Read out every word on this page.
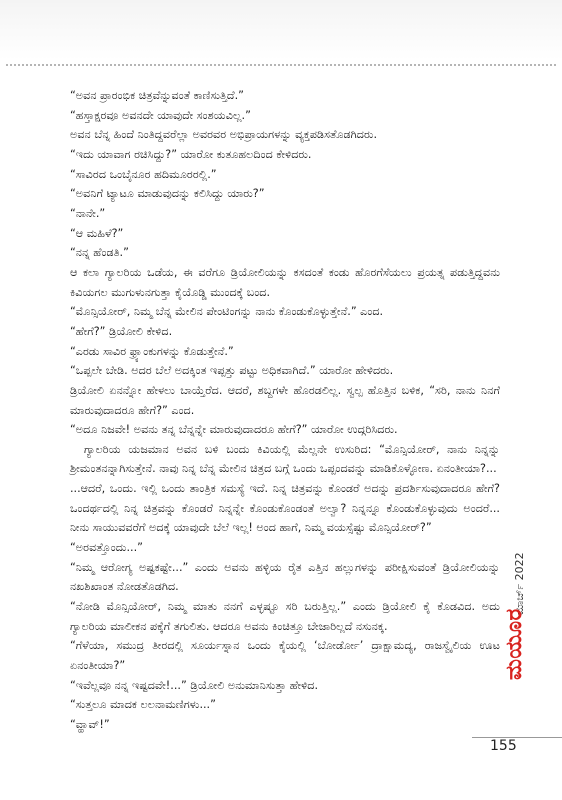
“ಅವನ ಪ್ರಾರಂಭಿಕ ಚಿತ್ರವೆನ್ನುವಂತೆ ಕಾಣಿಸುತ್ತಿದೆ.”

“ಹಸ್ತಾಕ್ಷರವೂ ಅವನದೇ ಯಾವುದೇ ಸಂಶಯವಿಲ್ಲ.”

ಅವನ ಬೆನ್ನ ಹಿಂದೆ ನಿಂತಿದ್ದವರೆಲ್ಲಾ ಅವರವರ ಅಭಿಪ್ರಾಯಗಳನ್ನು ವ್ಯಕ್ತಪಡಿಸತೊಡಗಿದರು.

“ಇದು ಯಾವಾಗ ರಚಿಸಿದ್ದು?” ಯಾರೋ ಕುತೂಹಲದಿಂದ ಕೇಳಿದರು.

“ಸಾವಿರದ ಒಂಬೈನೂರ ಹದಿಮೂರರಲ್ಲಿ.”

“ಅವನಿಗೆ ಟ್ಯಾಟೂ ಮಾಡುವುದನ್ನು ಕಲಿಸಿದ್ದು ಯಾರು?”

“ನಾನೇ.”

“ಆ ಮಹಿಳೆ?”

“ನನ್ನ ಹೆಂಡತಿ.”

ಆ ಕಲಾ ಗ್ಯಾಲರಿಯ ಒಡೆಯ, ಈ ವರೆಗೂ ಡ್ರಿಯೋಲಿಯನ್ನು ಕಸದಂತೆ ಕಂಡು ಹೊರಗೆಸೆಯಲು ಪ್ರಯತ್ನ ಪಡುತ್ತಿದ್ದವನು ಕಿವಿಯಗಲ ಮುಗುಳುನಗುತ್ತಾ ಕೈಯೊಡ್ಡಿ ಮುಂದಕ್ಕೆ ಬಂದ.

“ಮೊನ್ಸಿಯೋರ್, ನಿಮ್ಮ ಬೆನ್ನ ಮೇಲಿನ ಪೇಂಟಿಂಗನ್ನು ನಾನು ಕೊಂಡುಕೊಳ್ಳುತ್ತೇನೆ.” ಎಂದ.

“ಹೇಗೆ?” ಡ್ರಿಯೋಲಿ ಕೇಳಿದ.

“ಎರಡು ಸಾವಿರ ಫ್ರ್ಯಾಂಕುಗಳನ್ನು ಕೊಡುತ್ತೇನೆ.”

“ಒಪ್ಪಲೇ ಬೇಡಿ. ಅದರ ಬೆಲೆ ಅದಕ್ಕಿಂತ ಇಪ್ಪತ್ತು ಪಟ್ಟು ಅಧಿಕವಾಗಿದೆ.” ಯಾರೋ ಹೇಳಿದರು.

ಡ್ರಿಯೋಲಿ ಏನನ್ನೋ ಹೇಳಲು ಬಾಯ್ತೆರೆದ. ಆದರೆ, ಶಬ್ದಗಳೇ ಹೊರಡಲಿಲ್ಲ. ಸ್ವಲ್ಪ ಹೊತ್ತಿನ ಬಳಿಕ, “ಸರಿ, ನಾನು ನಿನಗೆ ಮಾರುವುದಾದರೂ ಹೇಗೆ?” ಎಂದ.

“ಅದೂ ನಿಜವೇ! ಅವನು ತನ್ನ ಬೆನ್ನನ್ನೇ ಮಾರುವುದಾದರೂ ಹೇಗೆ?” ಯಾರೋ ಉದ್ಗರಿಸಿದರು.

ಗ್ಯಾಲರಿಯ ಯಜಮಾನ ಅವನ ಬಳಿ ಬಂದು ಕಿವಿಯಲ್ಲಿ ಮೆಲ್ಲನೇ ಉಸುರಿದ: “ಮೊನ್ಸಿಯೋರ್, ನಾನು ನಿನ್ನನ್ನು ಶ್ರೀಮಂತನನ್ನಾಗಿಸುತ್ತೇನೆ. ನಾವು ನಿನ್ನ ಬೆನ್ನ ಮೇಲಿನ ಚಿತ್ರದ ಬಗ್ಗೆ ಒಂದು ಒಪ್ಪಂದವನ್ನು ಮಾಡಿಕೊಳ್ಳೋಣ. ಏನಂತೀಯಾ?...

...ಆದರೆ, ಒಂದು. ಇಲ್ಲಿ ಒಂದು ತಾಂತ್ರಿಕ ಸಮಸ್ಯೆ ಇದೆ. ನಿನ್ನ ಚಿತ್ರವನ್ನು ಕೊಂಡರೆ ಅದನ್ನು ಪ್ರದರ್ಶಿಸುವುದಾದರೂ ಹೇಗೆ? ಒಂದರ್ಥದಲ್ಲಿ ನಿನ್ನ ಚಿತ್ರವನ್ನು ಕೊಂಡರೆ ನಿನ್ನನ್ನೇ ಕೊಂಡುಕೊಂಡಂತೆ ಅಲ್ವಾ? ನಿನ್ನನ್ನೂ ಕೊಂಡುಕೊಳ್ಳುವುದು ಅಂದರೆ... ನೀನು ಸಾಯುವವರೆಗೆ ಅದಕ್ಕೆ ಯಾವುದೇ ಬೆಲೆ ಇಲ್ಲ! ಅಂದ ಹಾಗೆ, ನಿಮ್ಮ ವಯಸ್ಸೆಷ್ಟು ಮೊನ್ಸಿಯೋರ್?”

“ಅರವತ್ತೊಂದು...”

“ನಿಮ್ಮ ಆರೋಗ್ಯ ಅಷ್ಟಕಷ್ಟೇ...” ಎಂದು ಅವನು ಹಳ್ಳಿಯ ರೈತ ಎತ್ತಿನ ಹಲ್ಲುಗಳನ್ನು ಪರೀಕ್ಷಿಸುವಂತೆ ಡ್ರಿಯೋಲಿಯನ್ನು ನಖಶಿಖಾಂತ ನೋಡತೊಡಗಿದ.

“ನೋಡಿ ಮೊನ್ಸಿಯೋರ್, ನಿಮ್ಮ ಮಾತು ನನಗೆ ಎಳ್ಳಷ್ಟೂ ಸರಿ ಬರುತ್ತಿಲ್ಲ.” ಎಂದು ಡ್ರಿಯೋಲಿ ಕೈ ಕೊಡವಿದ. ಅದು ಗ್ಯಾಲರಿಯ ಮಾಲೀಕನ ಪಕ್ಕೆಗೆ ತಗುಲಿತು. ಆದರೂ ಅವನು ಕಿಂಚಿತ್ತೂ ಬೇಜಾರಿಲ್ಲದೆ ನಸುನಕ್ಕ.

“ಗೆಳೆಯಾ, ಸಮುದ್ರ ತೀರದಲ್ಲಿ ಸೂರ್ಯಸ್ನಾನ ಒಂದು ಕೈಯಲ್ಲಿ ‘ಬೋರ್ಡೋ’ ದ್ರಾಕ್ಷಾಮದ್ಯ, ರಾಜಸ್ವೈಲಿಯ ಊಟ ಏನಂತೀಯಾ?”

“ಇವೆಲ್ಲವೂ ನನ್ನ ಇಷ್ಟದವೇ!...” ಡ್ರಿಯೋಲಿ ಅನುಮಾನಿಸುತ್ತಾ ಹೇಳಿದ.

“ಸುತ್ತಲೂ ಮಾದಕ ಲಲನಾಮಣಿಗಳು...”

“ವ್ಹಾವ್!”

ಮಾರ್ಚ್ 2022
ಮಯೂರ
155
